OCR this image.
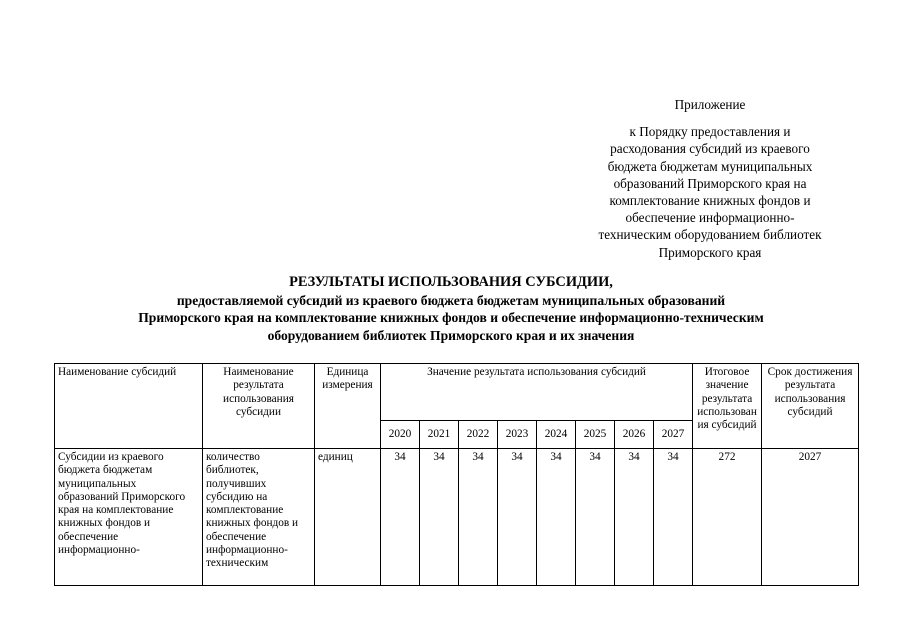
Приложение
к Порядку предоставления и
расходования субсидий из краевого
бюджета бюджетам муниципальных
образований Приморского края на
комплектование книжных фондов и
обеспечение информационно-
техническим оборудованием библиотек
Приморского края
РЕЗУЛЬТАТЫ ИСПОЛЬЗОВАНИЯ СУБСИДИИ,
предоставляемой субсидий из краевого бюджета бюджетам муниципальных образований
Приморского края на комплектование книжных фондов и обеспечение информационно-техническим
оборудованием библиотек Приморского края и их значения
Наименование субсидий	Наименование результата использования субсидии	Единица измерения	Значение результата использования субсидий								Итоговое значение результата использован ия субсидий	Срок достижения результата использования субсидий
			2020	2021	2022	2023	2024	2025	2026	2027		

Субсидии из краевого бюджета бюджетам муниципальных образований Приморского края на комплектование книжных фондов и обеспечение информационно-	количество библиотек, получивших субсидию на комплектование книжных фондов и обеспечение информационно-техническим	единиц	34	34	34	34	34	34	34	34	272	2027
